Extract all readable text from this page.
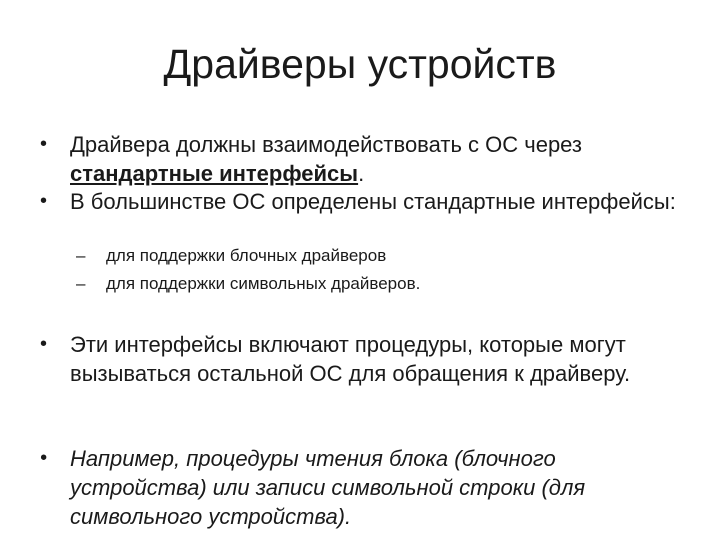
Драйверы устройств
• Драйвера должны взаимодействовать с ОС через стандартные интерфейсы.
• В большинстве ОС определены стандартные интерфейсы:
– для поддержки блочных драйверов
– для поддержки символьных драйверов.
• Эти интерфейсы включают процедуры, которые могут вызываться остальной ОС для обращения к драйверу.
• Например, процедуры чтения блока (блочного устройства) или записи символьной строки (для символьного устройства).
